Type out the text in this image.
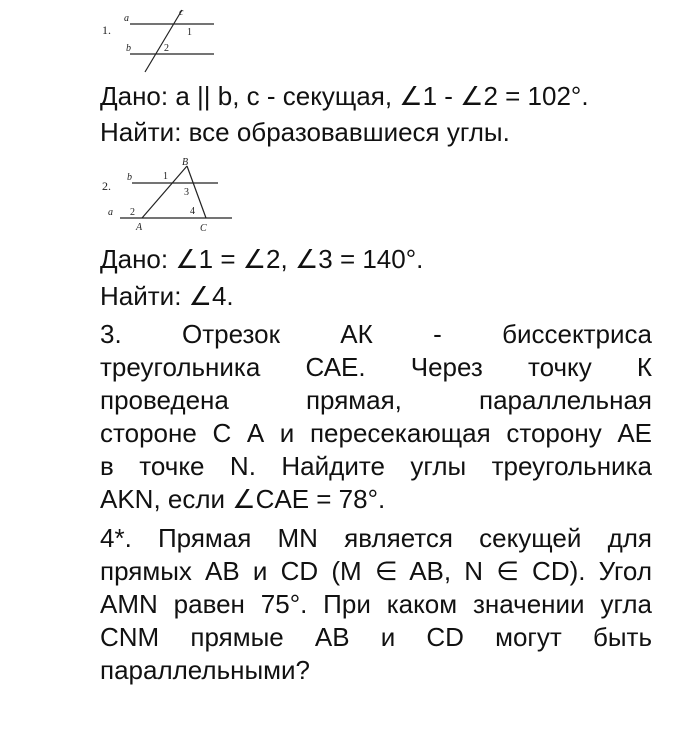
1.
a
b
c
1
2
Дано: a || b, c - секущая, ∠1 - ∠2 = 102°.
Найти: все образовавшиеся углы.
2.
B
A	C
b
a
1
2
3
4
Дано: ∠1 = ∠2, ∠3 = 140°.
Найти: ∠4.
3. Отрезок АК - биссектриса
треугольника САЕ. Через точку К
проведена прямая, параллельная
стороне С А и пересекающая сторону АЕ
в точке N. Найдите углы треугольника
AKN, если ∠CAE = 78°.
4*. Прямая MN является секущей для
прямых АВ и CD (M ∈ AB, N ∈ CD). Угол
AMN равен 75°. При каком значении угла
CNM прямые AB и CD могут быть
параллельными?
